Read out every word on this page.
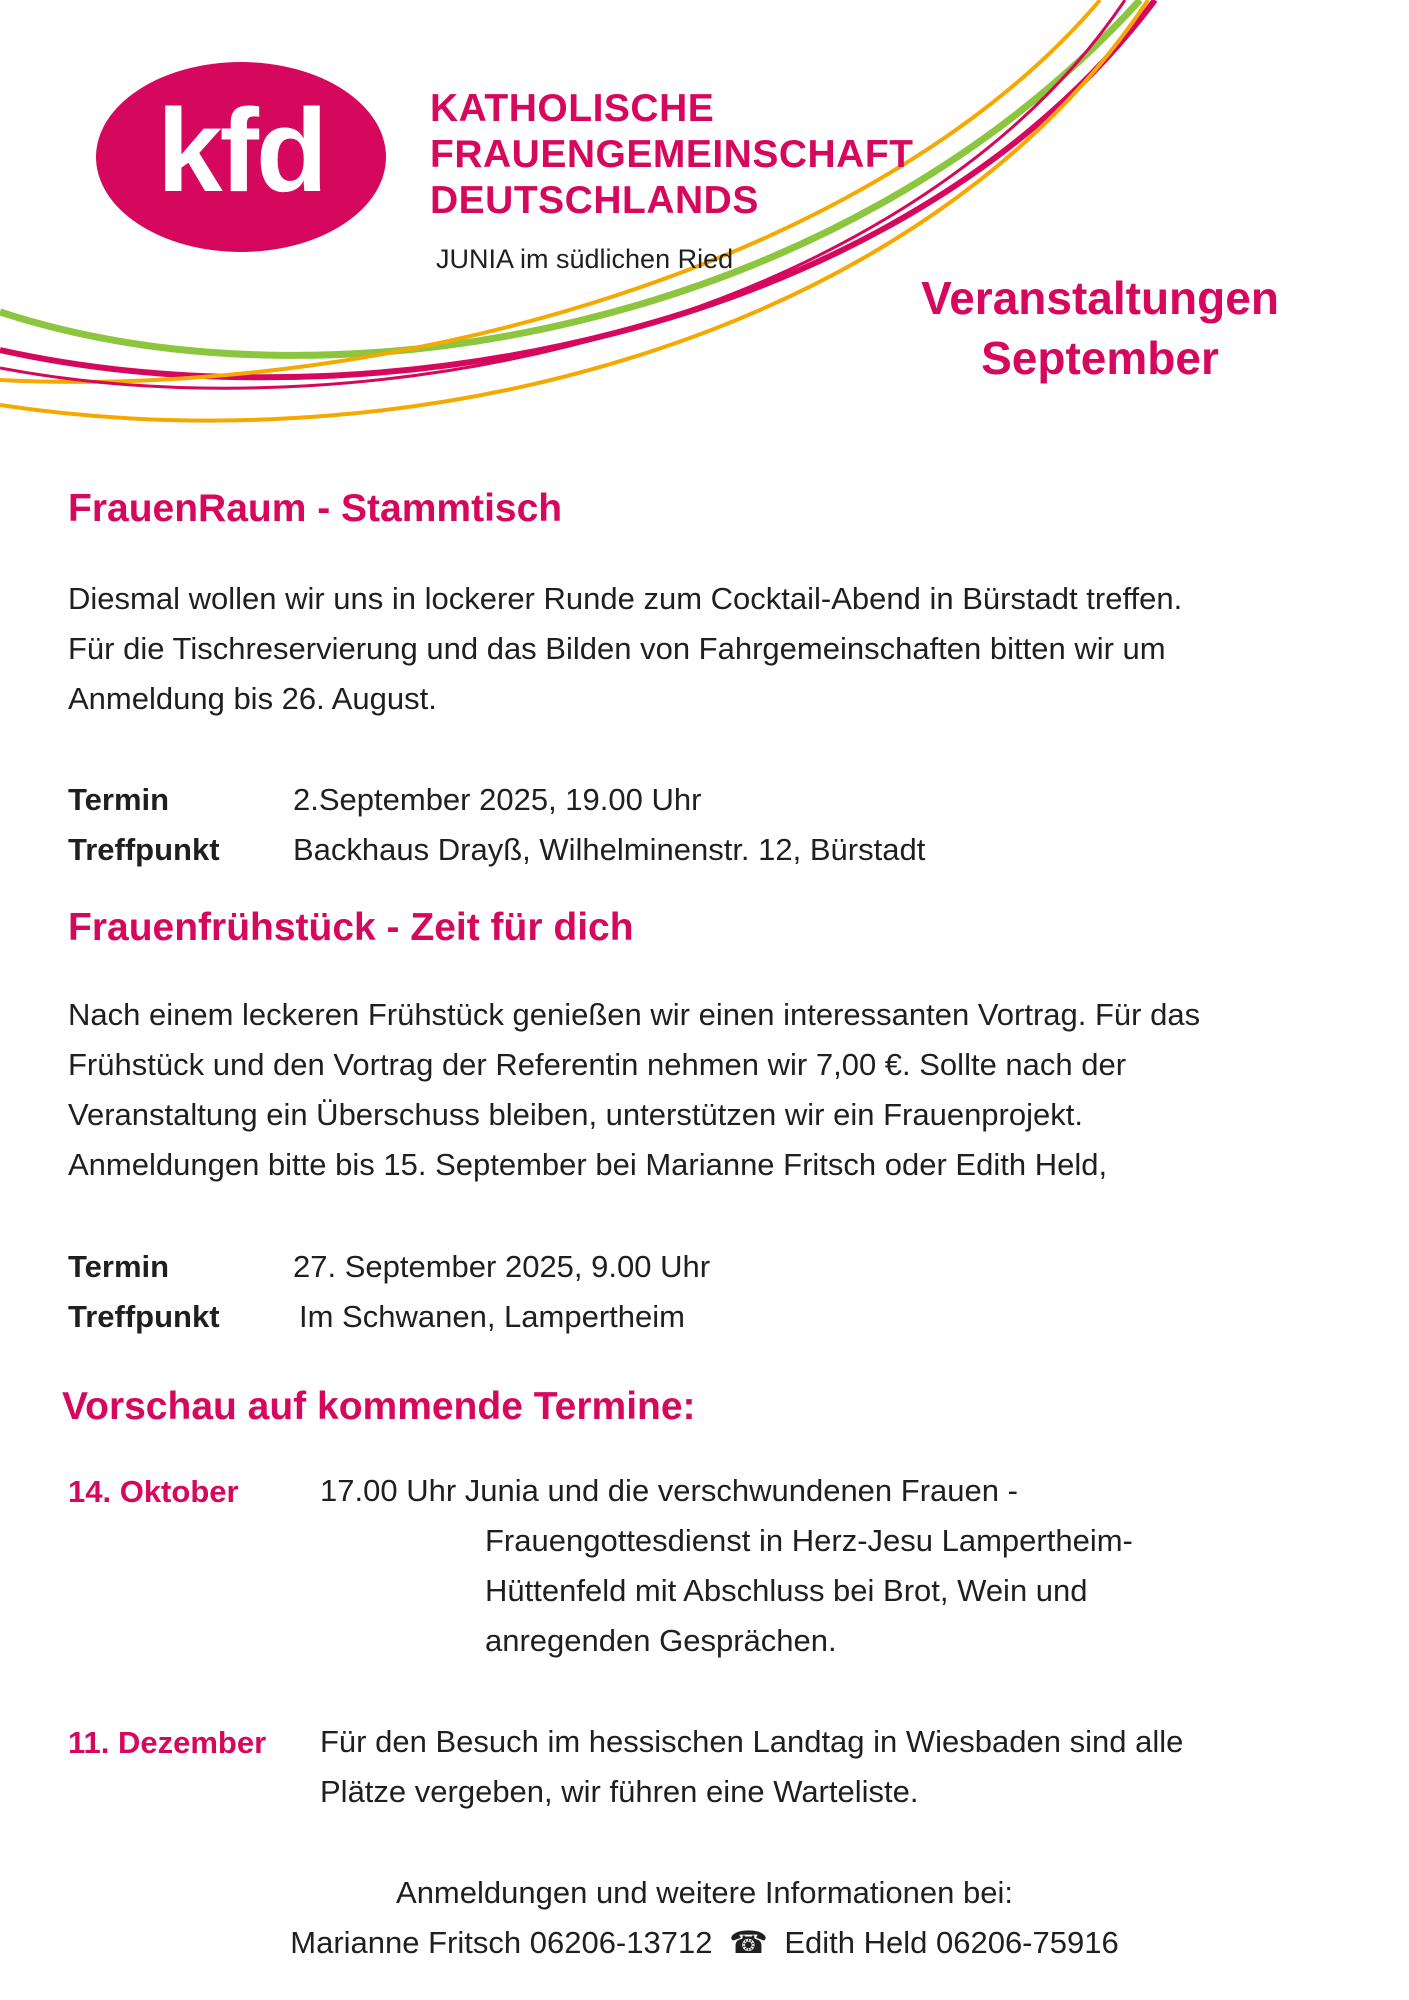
kfd	KATHOLISCHE
FRAUENGEMEINSCHAFT
DEUTSCHLANDS
JUNIA im südlichen Ried
Veranstaltungen
September
FrauenRaum - Stammtisch
Diesmal wollen wir uns in lockerer Runde zum Cocktail-Abend in Bürstadt treffen.
Für die Tischreservierung und das Bilden von Fahrgemeinschaften bitten wir um
Anmeldung bis 26. August.
Termin	2.September 2025, 19.00 Uhr
Treffpunkt Backhaus Drayß, Wilhelminenstr. 12, Bürstadt
Frauenfrühstück - Zeit für dich
Nach einem leckeren Frühstück genießen wir einen interessanten Vortrag. Für das
Frühstück und den Vortrag der Referentin nehmen wir 7,00 €. Sollte nach der
Veranstaltung ein Überschuss bleiben, unterstützen wir ein Frauenprojekt.
Anmeldungen bitte bis 15. September bei Marianne Fritsch oder Edith Held,
Termin	27. September 2025, 9.00 Uhr
Treffpunkt	Im Schwanen, Lampertheim
Vorschau auf kommende Termine:
14. Oktober	17.00 Uhr Junia und die verschwundenen Frauen -
Frauengottesdienst in Herz-Jesu Lampertheim-
Hüttenfeld mit Abschluss bei Brot, Wein und
anregenden Gesprächen.
11. Dezember Für den Besuch im hessischen Landtag in Wiesbaden sind alle
Plätze vergeben, wir führen eine Warteliste.
Anmeldungen und weitere Informationen bei:
Marianne Fritsch 06206-13712 ☎ Edith Held 06206-75916
